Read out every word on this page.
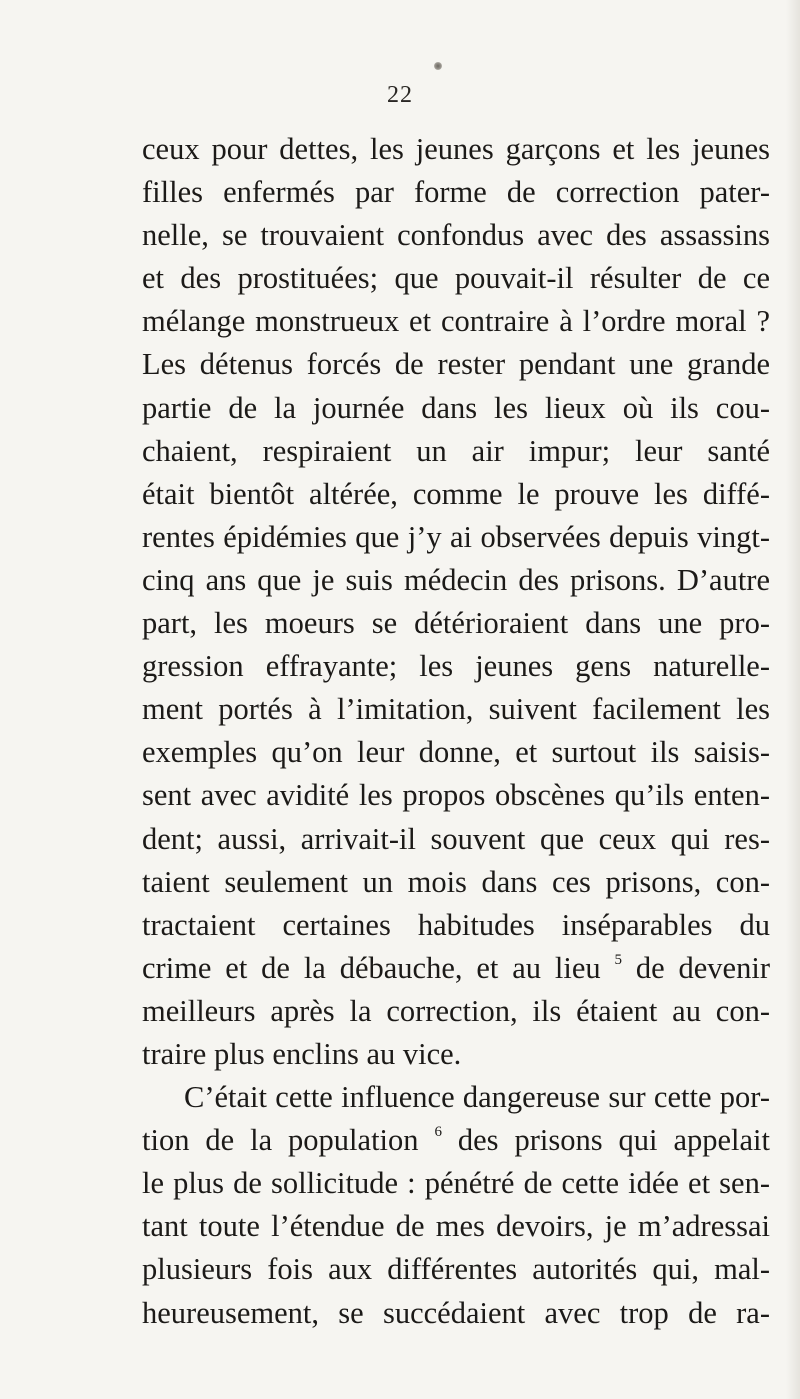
22
ceux pour dettes, les jeunes garçons et les jeunes
filles enfermés par forme de correction pater-
nelle, se trouvaient confondus avec des assassins
et des prostituées; que pouvait-il résulter de ce
mélange monstrueux et contraire à l’ordre moral ?
Les détenus forcés de rester pendant une grande
partie de la journée dans les lieux où ils cou-
chaient, respiraient un air impur; leur santé
était bientôt altérée, comme le prouve les diffé-
rentes épidémies que j’y ai observées depuis vingt-
cinq ans que je suis médecin des prisons. D’autre
part, les moeurs se détérioraient dans une pro-
gression effrayante; les jeunes gens naturelle-
ment portés à l’imitation, suivent facilement les
exemples qu’on leur donne, et surtout ils saisis-
sent avec avidité les propos obscènes qu’ils enten-
dent; aussi, arrivait-il souvent que ceux qui res-
taient seulement un mois dans ces prisons, con-
tractaient certaines habitudes inséparables du
crime et de la débauche, et au lieu $^5$ de devenir
meilleurs après la correction, ils étaient au con-
traire plus enclins au vice.
C’était cette influence dangereuse sur cette por-
tion de la population $^6$ des prisons qui appelait
le plus de sollicitude : pénétré de cette idée et sen-
tant toute l’étendue de mes devoirs, je m’adressai
plusieurs fois aux différentes autorités qui, mal-
heureusement, se succédaient avec trop de ra-
